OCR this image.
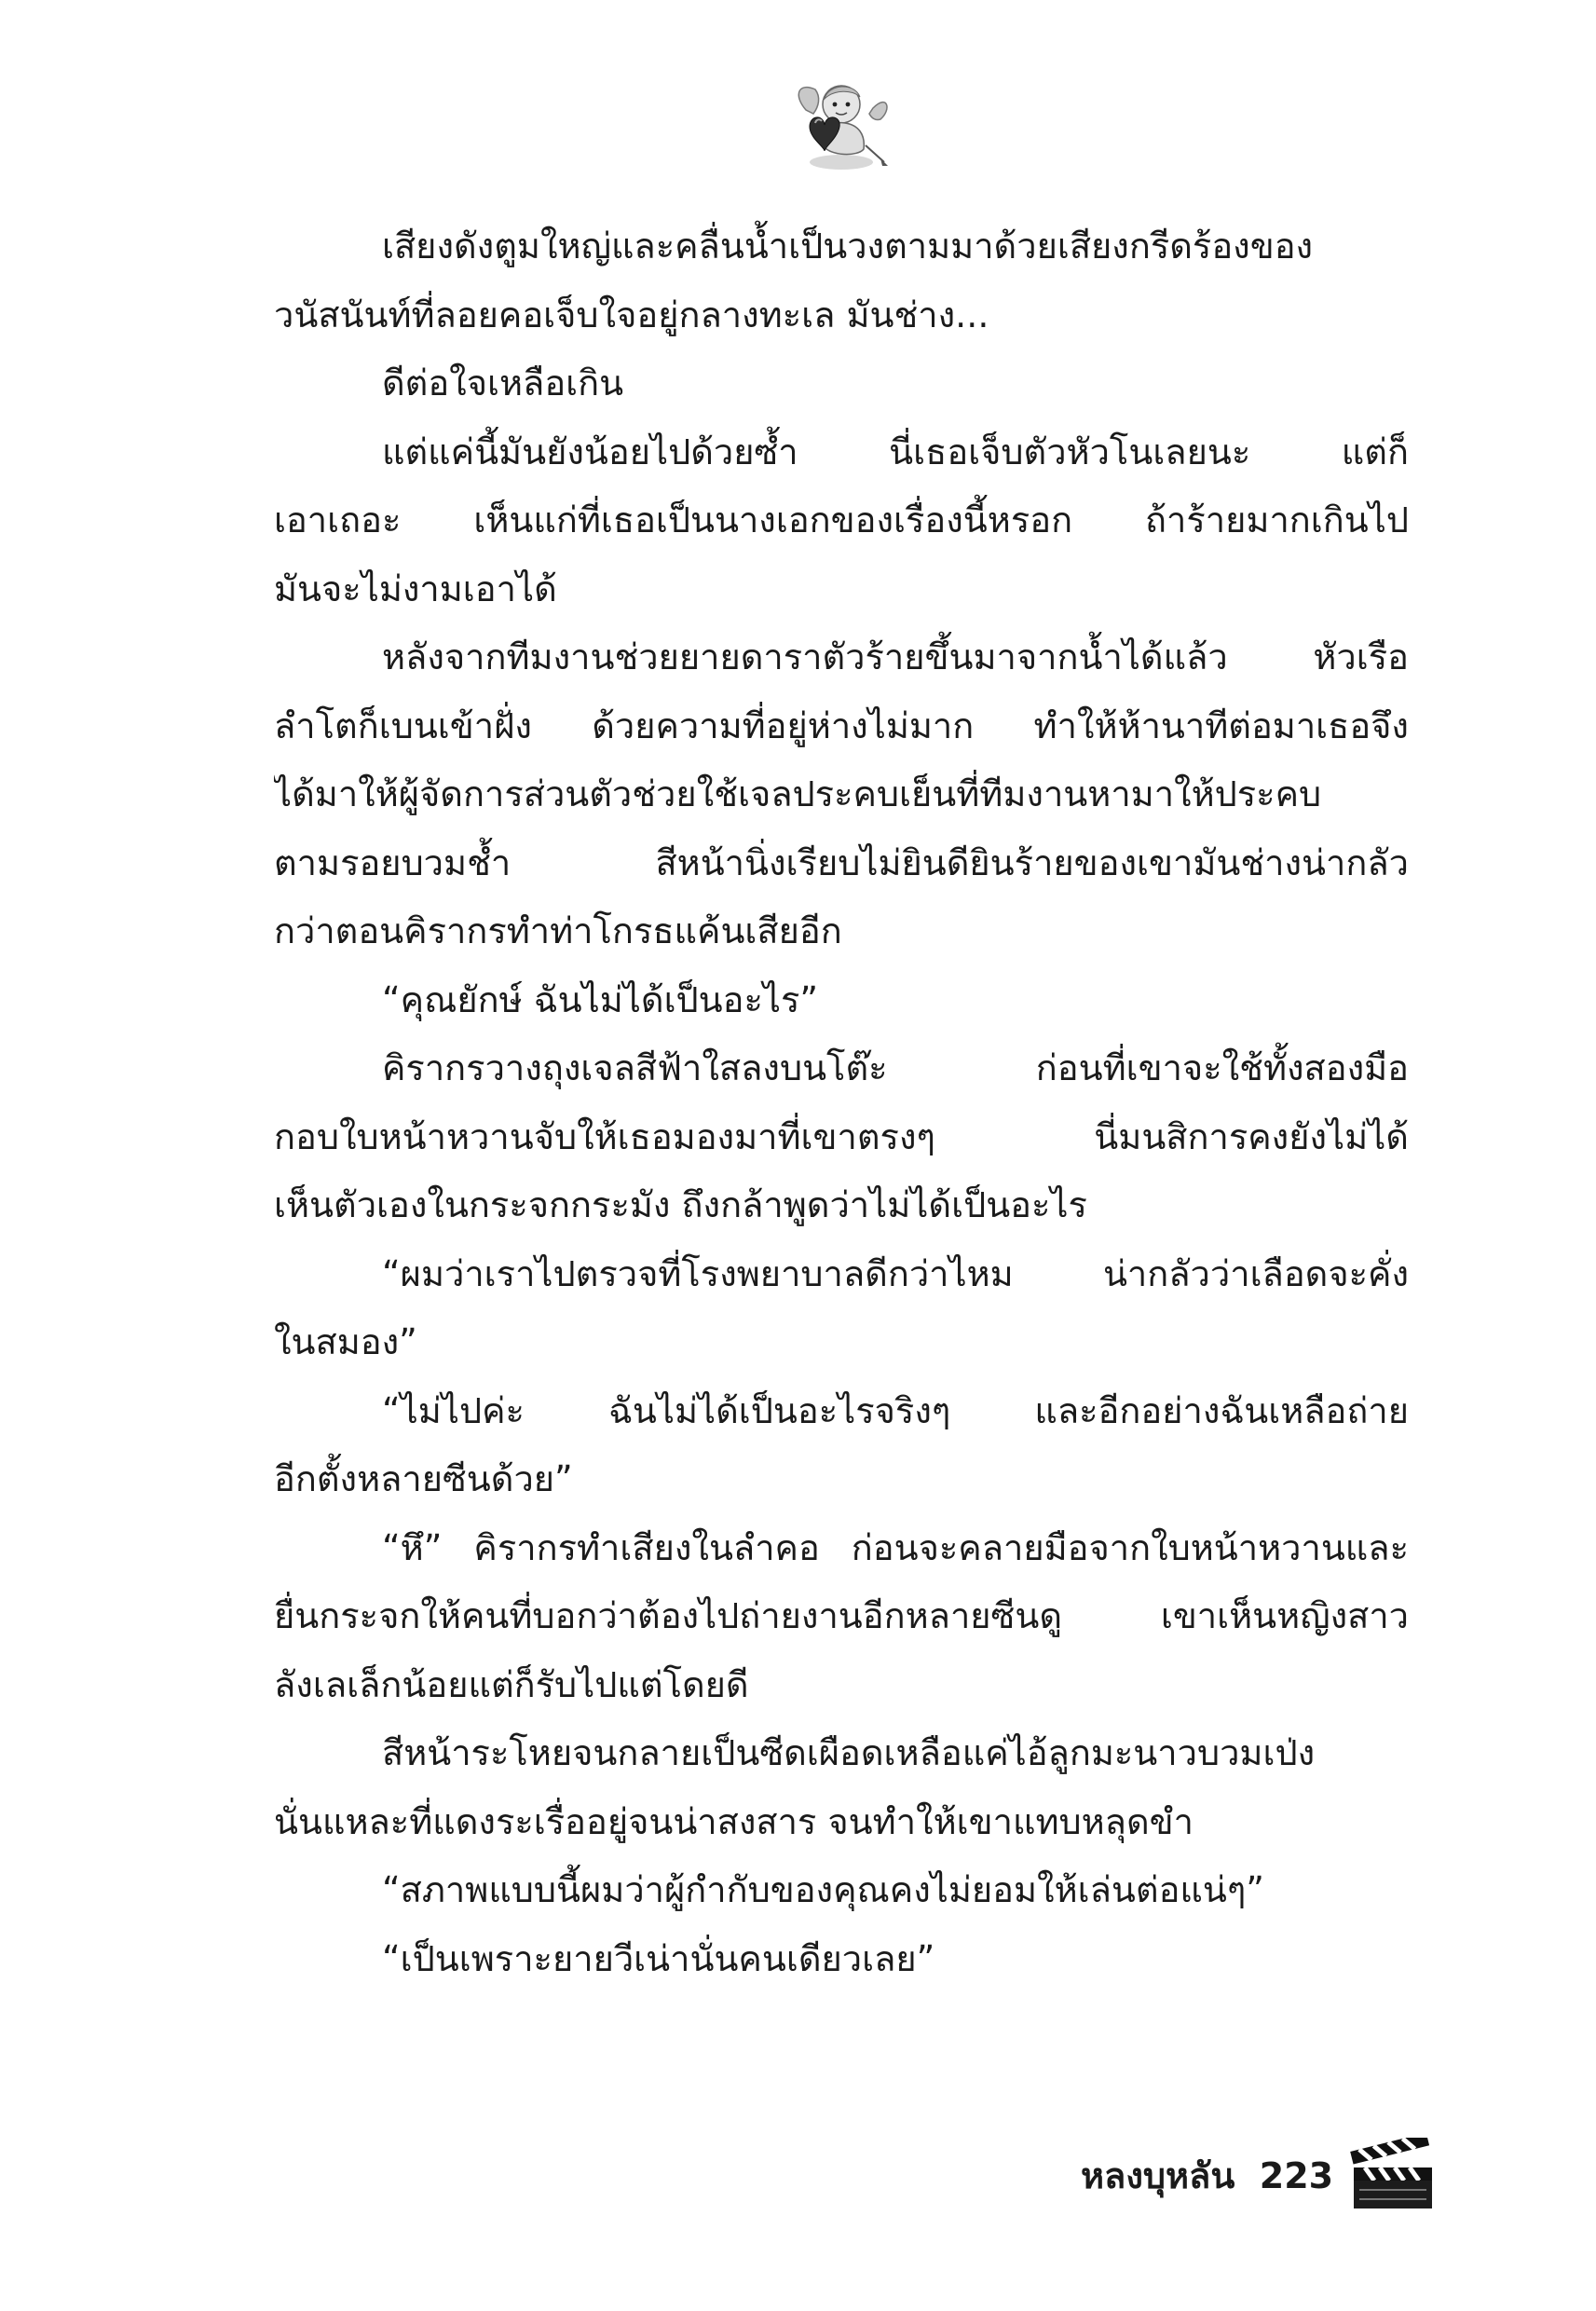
เสียงดังตูมใหญ่และคลื่นน้ำเป็นวงตามมาด้วยเสียงกรีดร้องของ
วนัสนันท์ที่ลอยคอเจ็บใจอยู่กลางทะเล มันช่าง...
ดีต่อใจเหลือเกิน
แต่แค่นี้มันยังน้อยไปด้วยซ้ำ นี่เธอเจ็บตัวหัวโนเลยนะ แต่ก็
เอาเถอะ เห็นแก่ที่เธอเป็นนางเอกของเรื่องนี้หรอก ถ้าร้ายมากเกินไป
มันจะไม่งามเอาได้
หลังจากทีมงานช่วยยายดาราตัวร้ายขึ้นมาจากน้ำได้แล้ว หัวเรือ
ลำโตก็เบนเข้าฝั่ง ด้วยความที่อยู่ห่างไม่มาก ทำให้ห้านาทีต่อมาเธอจึง
ได้มาให้ผู้จัดการส่วนตัวช่วยใช้เจลประคบเย็นที่ทีมงานหามาให้ประคบ
ตามรอยบวมช้ำ สีหน้านิ่งเรียบไม่ยินดียินร้ายของเขามันช่างน่ากลัว
กว่าตอนคิรากรทำท่าโกรธแค้นเสียอีก
“คุณยักษ์ ฉันไม่ได้เป็นอะไร”
คิรากรวางถุงเจลสีฟ้าใสลงบนโต๊ะ ก่อนที่เขาจะใช้ทั้งสองมือ
กอบใบหน้าหวานจับให้เธอมองมาที่เขาตรงๆ นี่มนสิการคงยังไม่ได้
เห็นตัวเองในกระจกกระมัง ถึงกล้าพูดว่าไม่ได้เป็นอะไร
“ผมว่าเราไปตรวจที่โรงพยาบาลดีกว่าไหม น่ากลัวว่าเลือดจะคั่ง
ในสมอง”
“ไม่ไปค่ะ ฉันไม่ได้เป็นอะไรจริงๆ และอีกอย่างฉันเหลือถ่าย
อีกตั้งหลายซีนด้วย”
“หึ” คิรากรทำเสียงในลำคอ ก่อนจะคลายมือจากใบหน้าหวานและ
ยื่นกระจกให้คนที่บอกว่าต้องไปถ่ายงานอีกหลายซีนดู เขาเห็นหญิงสาว
ลังเลเล็กน้อยแต่ก็รับไปแต่โดยดี
สีหน้าระโหยจนกลายเป็นซีดเผือดเหลือแค่ไอ้ลูกมะนาวบวมเป่ง
นั่นแหละที่แดงระเรื่ออยู่จนน่าสงสาร จนทำให้เขาแทบหลุดขำ
“สภาพแบบนี้ผมว่าผู้กำกับของคุณคงไม่ยอมให้เล่นต่อแน่ๆ”
“เป็นเพราะยายวีเน่านั่นคนเดียวเลย”
หลงบุหลัน 223
